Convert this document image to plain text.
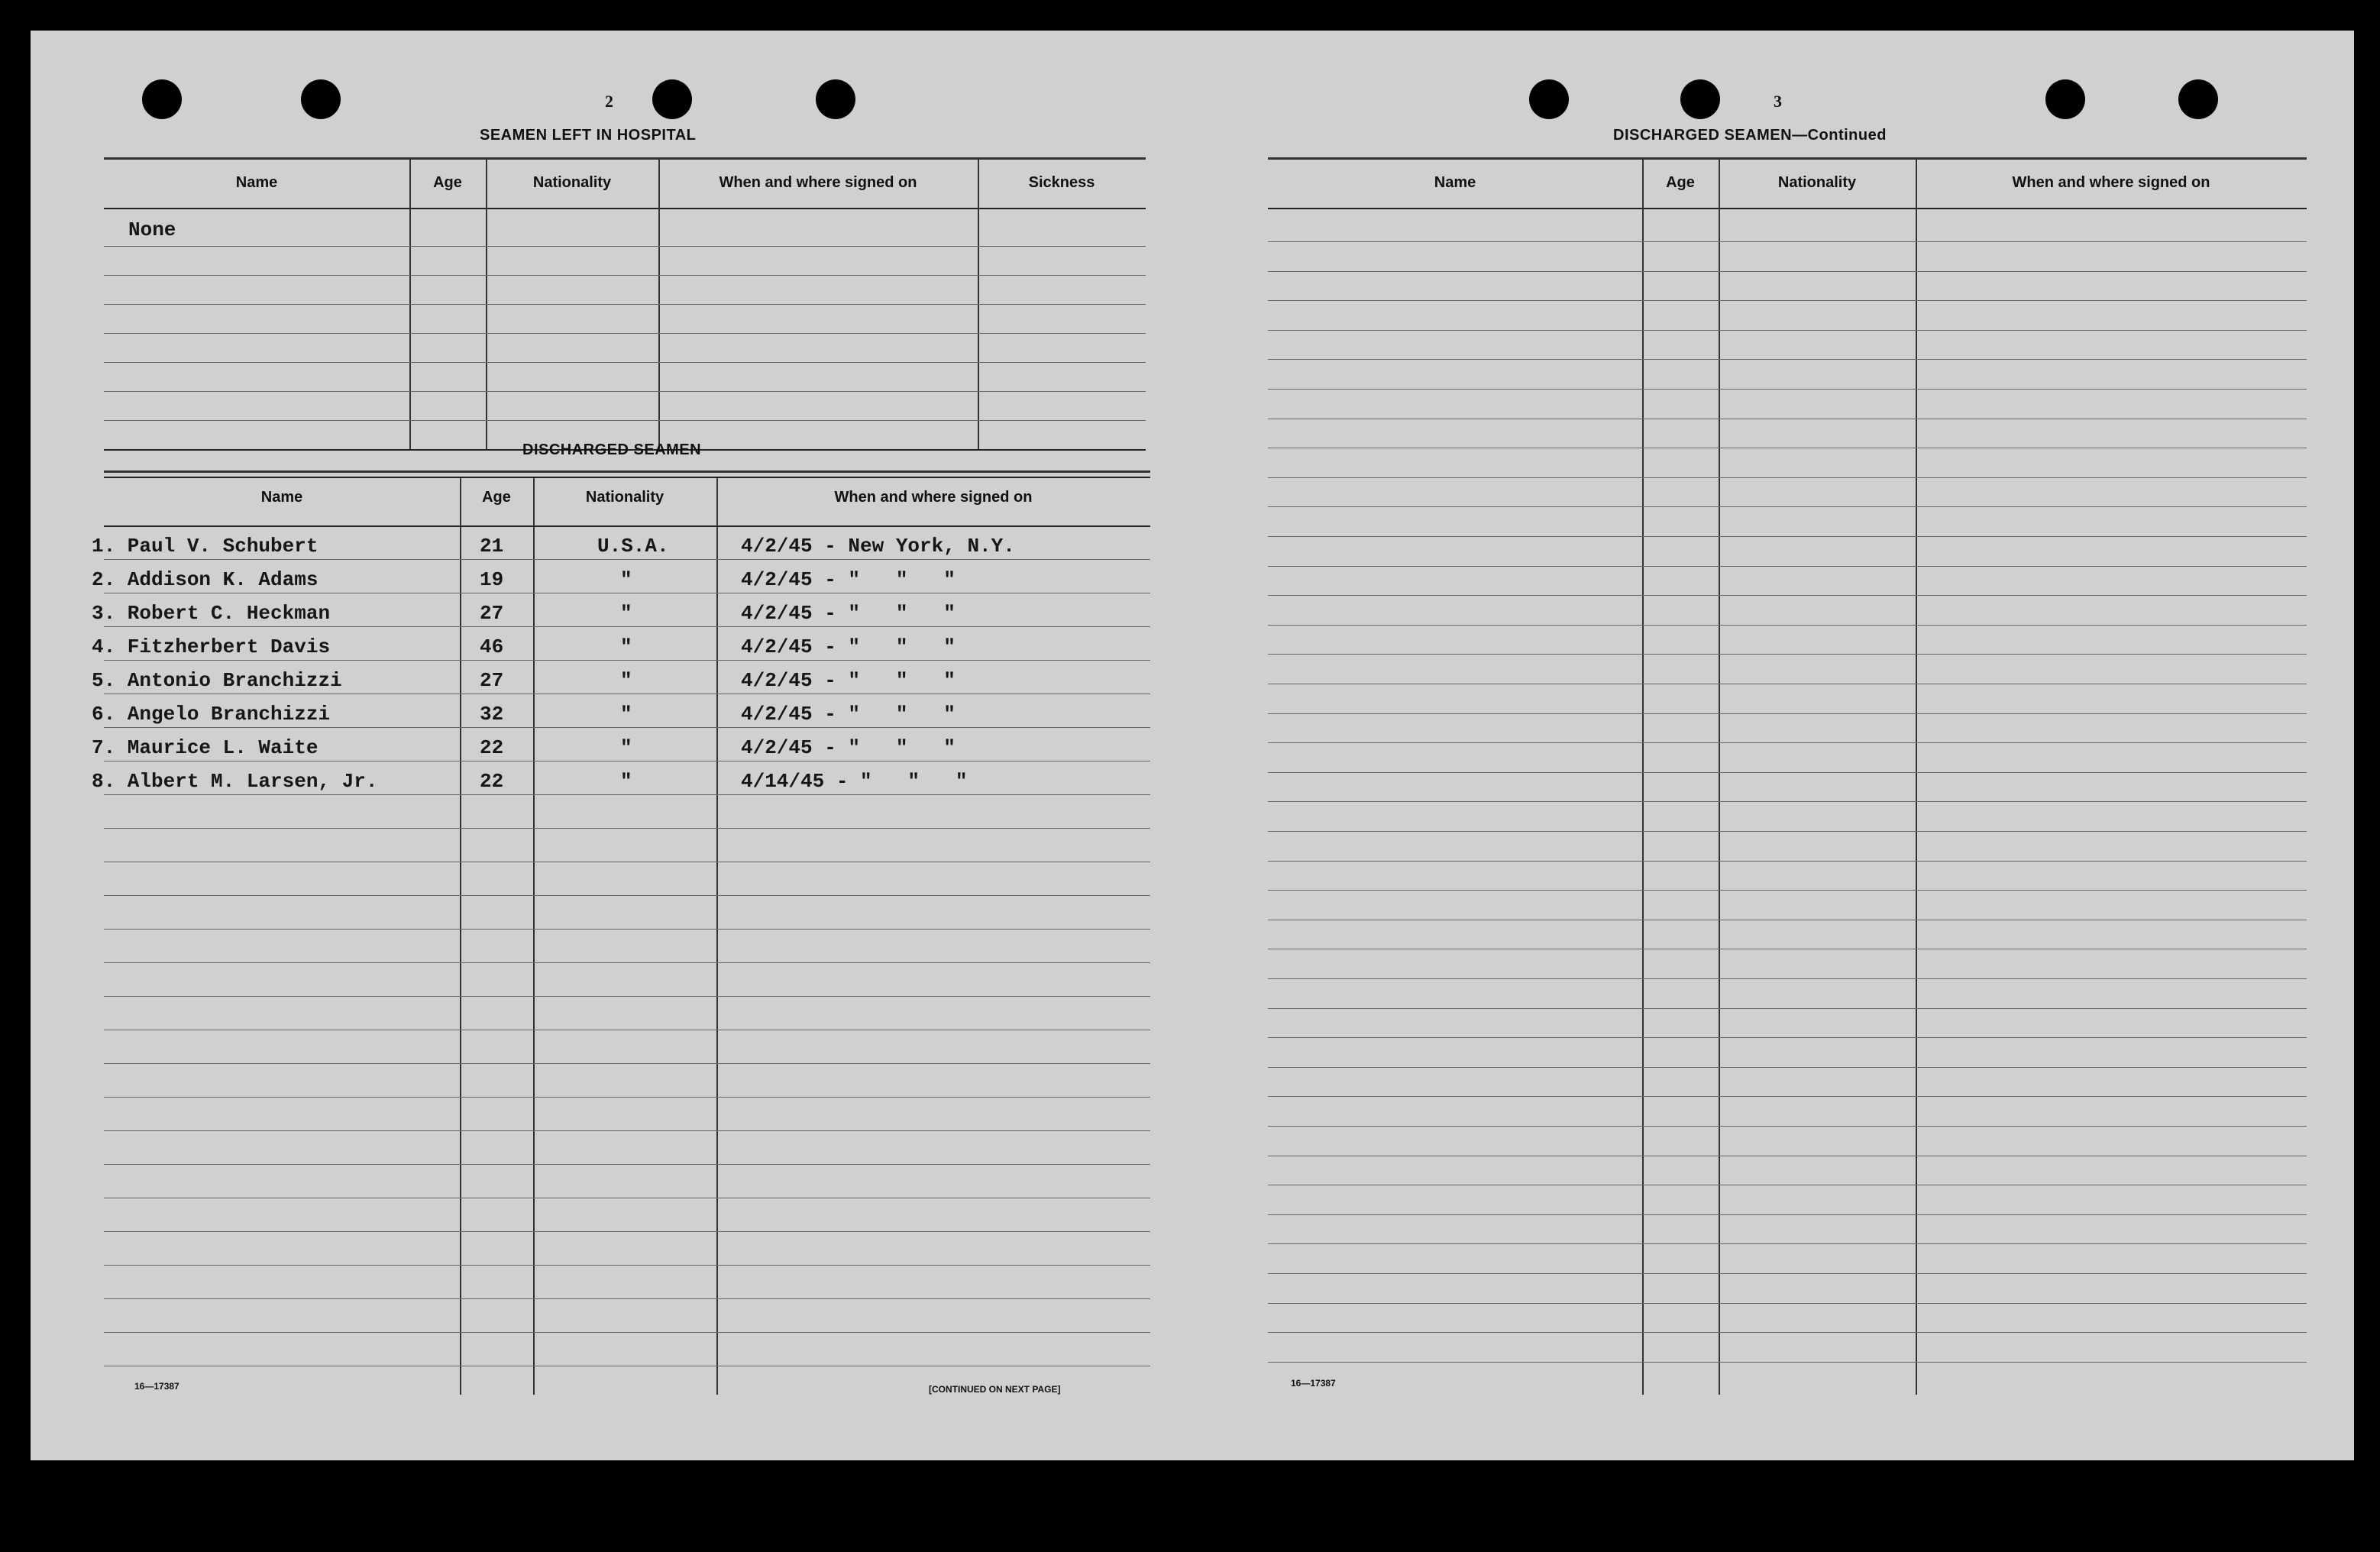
2
SEAMEN LEFT IN HOSPITAL
Name	Age	Nationality	When and where signed on	Sickness
None
DISCHARGED SEAMEN
Name	Age	Nationality	When and where signed on
1. Paul V. Schubert	21	U.S.A.	4/2/45 - New York, N.Y.
2. Addison K. Adams	19	"	4/2/45 - "   "   "
3. Robert C. Heckman	27	"	4/2/45 - "   "   "
4. Fitzherbert Davis	46	"	4/2/45 - "   "   "
5. Antonio Branchizzi	27	"	4/2/45 - "   "   "
6. Angelo Branchizzi	32	"	4/2/45 - "   "   "
7. Maurice L. Waite	22	"	4/2/45 - "   "   "
8. Albert M. Larsen, Jr.	22	"	4/14/45 - "   "   "
16—17387	[CONTINUED ON NEXT PAGE]
3
DISCHARGED SEAMEN—Continued
Name	Age	Nationality	When and where signed on
16—17387
